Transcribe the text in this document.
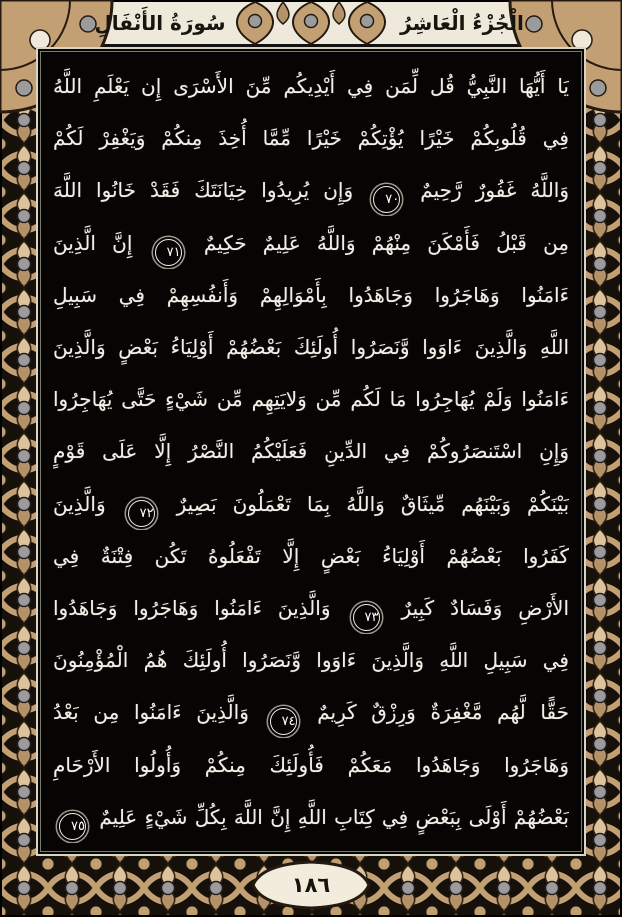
سُورَةُ الأَنْفَالِ	الْجُزْءُ الْعَاشِرُ
يَا أَيُّهَا النَّبِيُّ قُل لِّمَن فِي أَيْدِيكُم مِّنَ الأَسْرَى إِن يَعْلَمِ اللَّهُ
فِي قُلُوبِكُمْ خَيْرًا يُؤْتِكُمْ خَيْرًا مِّمَّا أُخِذَ مِنكُمْ وَيَغْفِرْ لَكُمْ
وَاللَّهُ غَفُورٌ رَّحِيمٌ ٧٠ وَإِن يُرِيدُوا خِيَانَتَكَ فَقَدْ خَانُوا اللَّهَ
مِن قَبْلُ فَأَمْكَنَ مِنْهُمْ وَاللَّهُ عَلِيمٌ حَكِيمٌ ٧١ إِنَّ الَّذِينَ
ءَامَنُوا وَهَاجَرُوا وَجَاهَدُوا بِأَمْوَالِهِمْ وَأَنفُسِهِمْ فِي سَبِيلِ
اللَّهِ وَالَّذِينَ ءَاوَوا وَّنَصَرُوا أُولَئِكَ بَعْضُهُمْ أَوْلِيَاءُ بَعْضٍ وَالَّذِينَ
ءَامَنُوا وَلَمْ يُهَاجِرُوا مَا لَكُم مِّن وَلايَتِهِم مِّن شَيْءٍ حَتَّى يُهَاجِرُوا
وَإِنِ اسْتَنصَرُوكُمْ فِي الدِّينِ فَعَلَيْكُمُ النَّصْرُ إِلَّا عَلَى قَوْمٍ
بَيْنَكُمْ وَبَيْنَهُم مِّيثَاقٌ وَاللَّهُ بِمَا تَعْمَلُونَ بَصِيرٌ ٧٢ وَالَّذِينَ
كَفَرُوا بَعْضُهُمْ أَوْلِيَاءُ بَعْضٍ إِلَّا تَفْعَلُوهُ تَكُن فِتْنَةٌ فِي
الأَرْضِ وَفَسَادٌ كَبِيرٌ ٧٣ وَالَّذِينَ ءَامَنُوا وَهَاجَرُوا وَجَاهَدُوا
فِي سَبِيلِ اللَّهِ وَالَّذِينَ ءَاوَوا وَّنَصَرُوا أُولَئِكَ هُمُ الْمُؤْمِنُونَ
حَقًّا لَّهُم مَّغْفِرَةٌ وَرِزْقٌ كَرِيمٌ ٧٤ وَالَّذِينَ ءَامَنُوا مِن بَعْدُ
وَهَاجَرُوا وَجَاهَدُوا مَعَكُمْ فَأُولَئِكَ مِنكُمْ وَأُولُوا الأَرْحَامِ
بَعْضُهُمْ أَوْلَى بِبَعْضٍ فِي كِتَابِ اللَّهِ إِنَّ اللَّهَ بِكُلِّ شَيْءٍ عَلِيمٌ ٧٥
١٨٦
